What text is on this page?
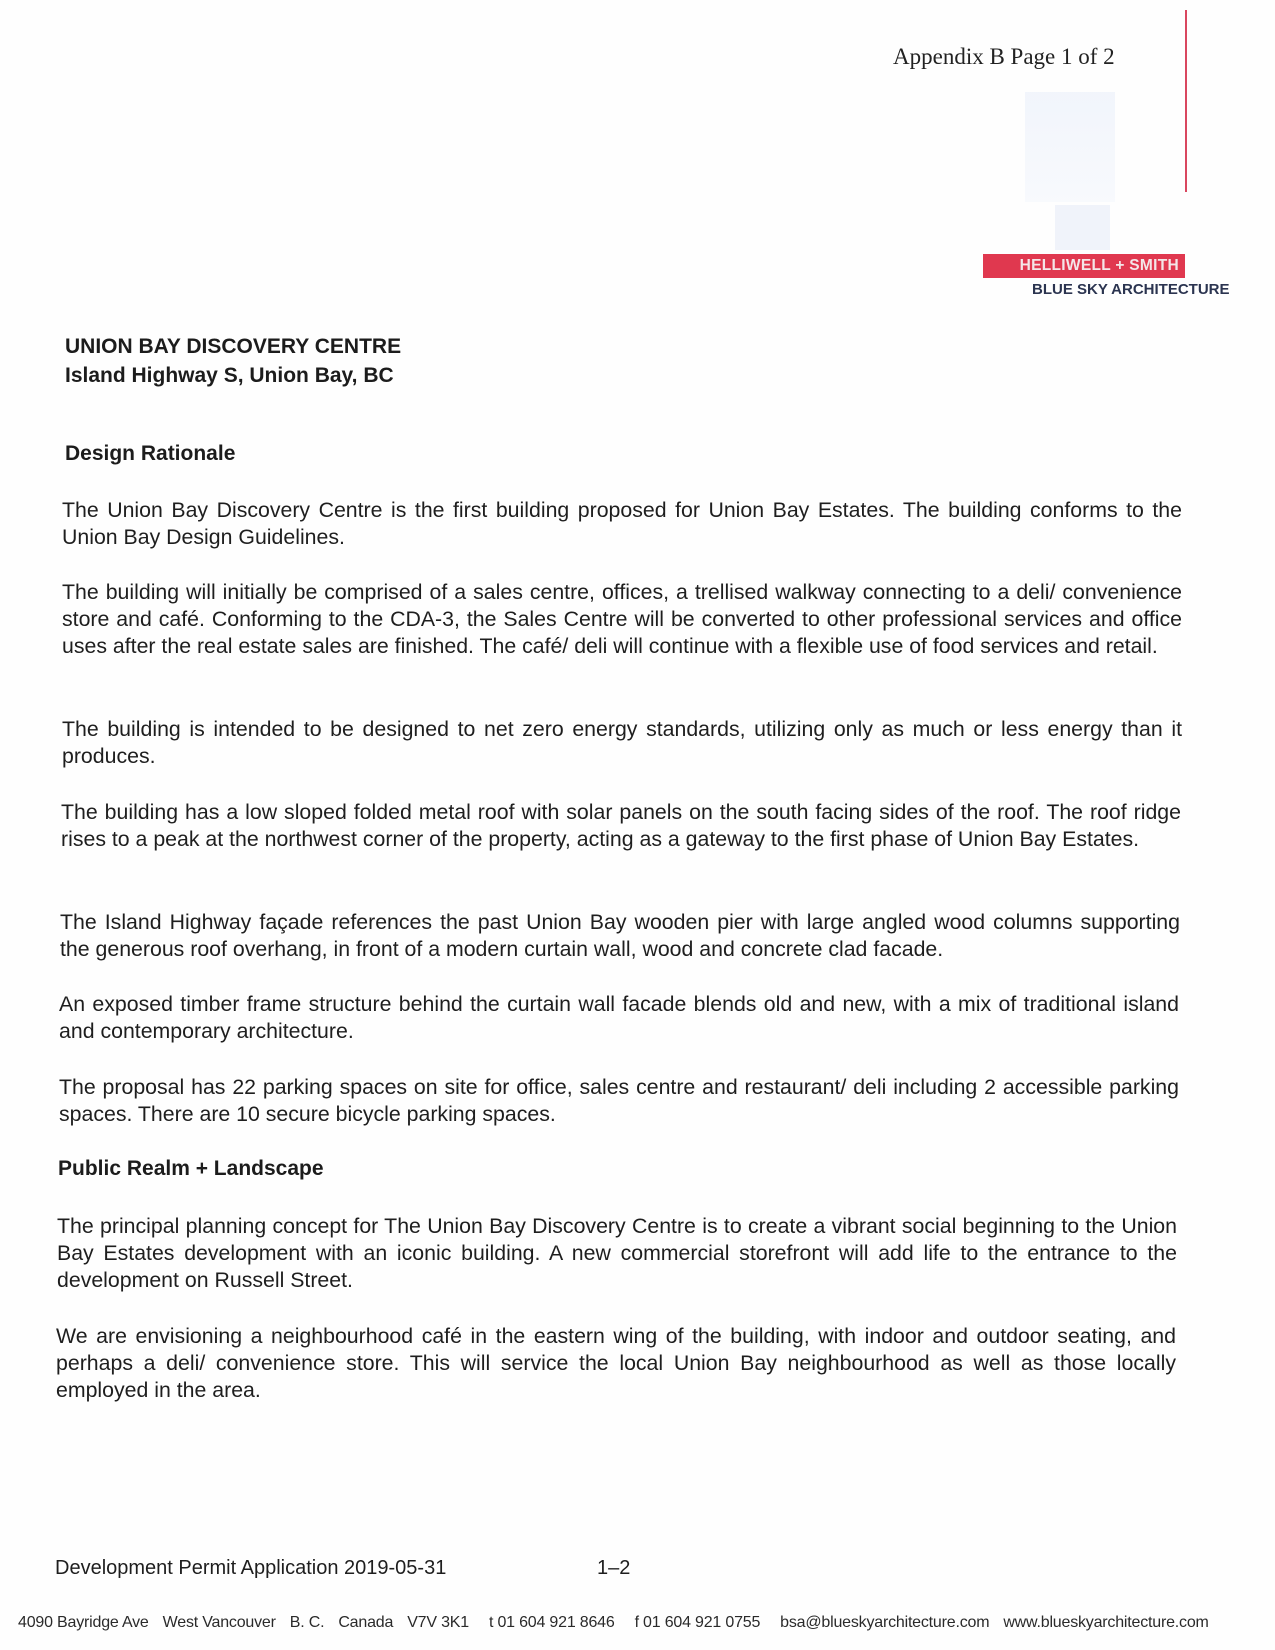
Appendix B Page 1 of 2
HELLIWELL + SMITH
BLUE SKY ARCHITECTURE
UNION BAY DISCOVERY CENTRE
Island Highway S, Union Bay, BC
Design Rationale
The Union Bay Discovery Centre is the first building proposed for Union Bay Estates. The building conforms to the Union Bay Design Guidelines.
The building will initially be comprised of a sales centre, offices, a trellised walkway connecting to a deli/ convenience store and café. Conforming to the CDA-3, the Sales Centre will be converted to other professional services and office uses after the real estate sales are finished. The café/ deli will continue with a flexible use of food services and retail.
The building is intended to be designed to net zero energy standards, utilizing only as much or less energy than it produces.
The building has a low sloped folded metal roof with solar panels on the south facing sides of the roof. The roof ridge rises to a peak at the northwest corner of the property, acting as a gateway to the first phase of Union Bay Estates.
The Island Highway façade references the past Union Bay wooden pier with large angled wood columns supporting the generous roof overhang, in front of a modern curtain wall, wood and concrete clad facade.
An exposed timber frame structure behind the curtain wall facade blends old and new, with a mix of traditional island and contemporary architecture.
The proposal has 22 parking spaces on site for office, sales centre and restaurant/ deli including 2 accessible parking spaces. There are 10 secure bicycle parking spaces.
Public Realm + Landscape
The principal planning concept for The Union Bay Discovery Centre is to create a vibrant social beginning to the Union Bay Estates development with an iconic building. A new commercial storefront will add life to the entrance to the development on Russell Street.
We are envisioning a neighbourhood café in the eastern wing of the building, with indoor and outdoor seating, and perhaps a deli/ convenience store. This will service the local Union Bay neighbourhood as well as those locally employed in the area.
Development Permit Application 2019-05-31	1–2
4090 Bayridge Ave West Vancouver B. C. Canada V7V 3K1 t 01 604 921 8646 f 01 604 921 0755 bsa@blueskyarchitecture.com www.blueskyarchitecture.com
